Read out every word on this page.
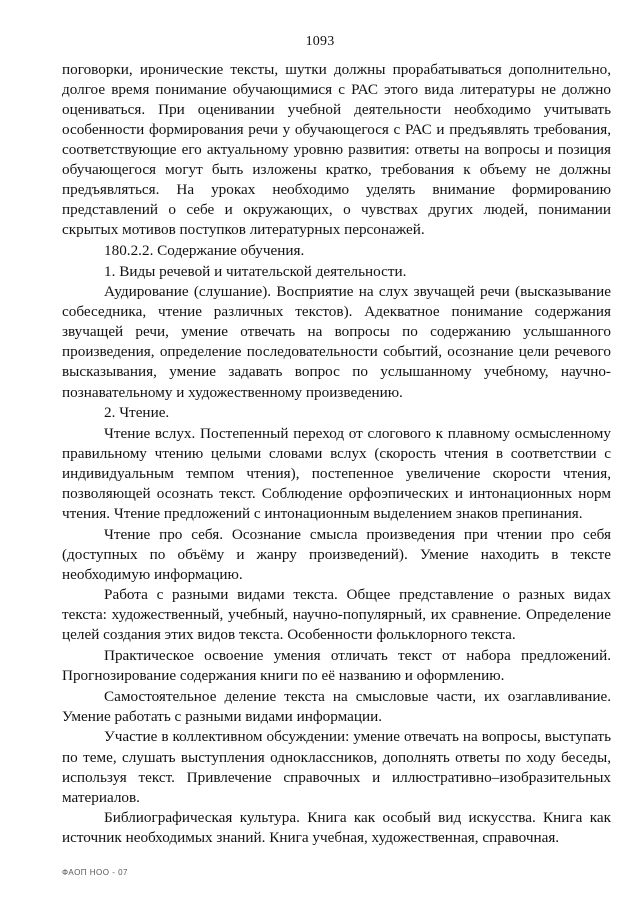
1093

поговорки, иронические тексты, шутки должны прорабатываться дополнительно, долгое время понимание обучающимися с РАС этого вида литературы не должно оцениваться. При оценивании учебной деятельности необходимо учитывать особенности формирования речи у обучающегося с РАС и предъявлять требования, соответствующие его актуальному уровню развития: ответы на вопросы и позиция обучающегося могут быть изложены кратко, требования к объему не должны предъявляться. На уроках необходимо уделять внимание формированию представлений о себе и окружающих, о чувствах других людей, понимании скрытых мотивов поступков литературных персонажей.

180.2.2. Содержание обучения.

1. Виды речевой и читательской деятельности.

Аудирование (слушание). Восприятие на слух звучащей речи (высказывание собеседника, чтение различных текстов). Адекватное понимание содержания звучащей речи, умение отвечать на вопросы по содержанию услышанного произведения, определение последовательности событий, осознание цели речевого высказывания, умение задавать вопрос по услышанному учебному, научно-познавательному и художественному произведению.

2. Чтение.

Чтение вслух. Постепенный переход от слогового к плавному осмысленному правильному чтению целыми словами вслух (скорость чтения в соответствии с индивидуальным темпом чтения), постепенное увеличение скорости чтения, позволяющей осознать текст. Соблюдение орфоэпических и интонационных норм чтения. Чтение предложений с интонационным выделением знаков препинания.

Чтение про себя. Осознание смысла произведения при чтении про себя (доступных по объёму и жанру произведений). Умение находить в тексте необходимую информацию.

Работа с разными видами текста. Общее представление о разных видах текста: художественный, учебный, научно-популярный, их сравнение. Определение целей создания этих видов текста. Особенности фольклорного текста.

Практическое освоение умения отличать текст от набора предложений. Прогнозирование содержания книги по её названию и оформлению.

Самостоятельное деление текста на смысловые части, их озаглавливание. Умение работать с разными видами информации.

Участие в коллективном обсуждении: умение отвечать на вопросы, выступать по теме, слушать выступления одноклассников, дополнять ответы по ходу беседы, используя текст. Привлечение справочных и иллюстративно–изобразительных материалов.

Библиографическая культура. Книга как особый вид искусства. Книга как источник необходимых знаний. Книга учебная, художественная, справочная.

ФАОП НОО - 07
